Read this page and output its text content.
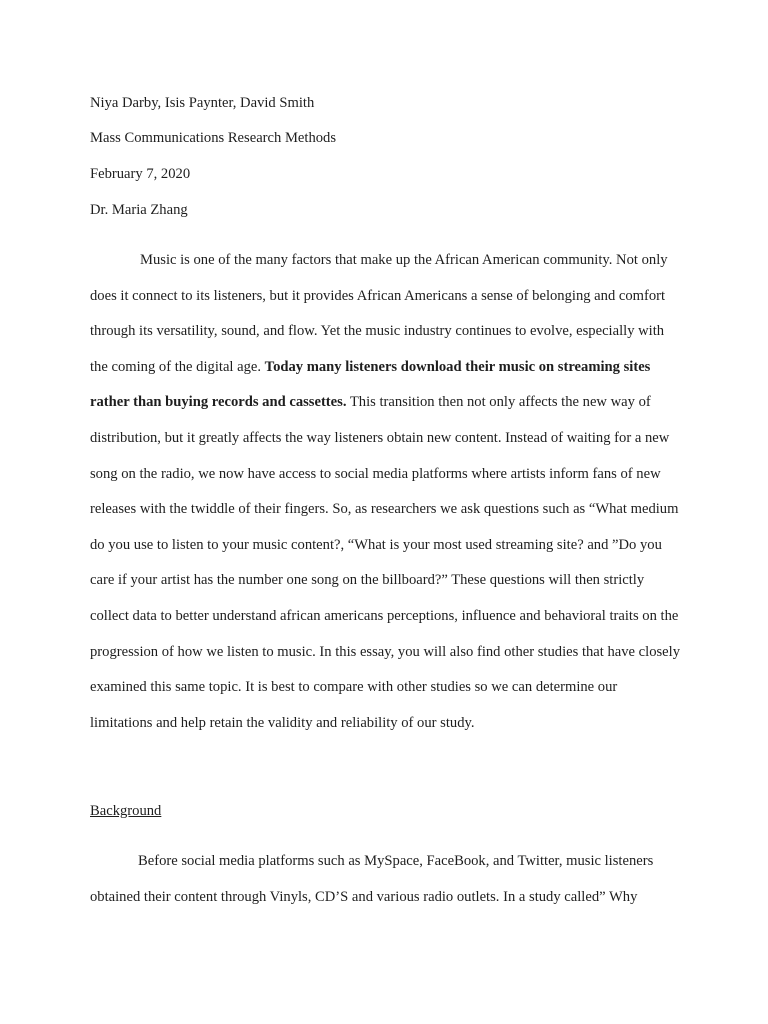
Niya Darby, Isis Paynter, David Smith

Mass Communications Research Methods

February 7, 2020

Dr. Maria Zhang

Music is one of the many factors that make up the African American community. Not only does it connect to its listeners, but it provides African Americans a sense of belonging and comfort through its versatility, sound, and flow. Yet the music industry continues to evolve, especially with the coming of the digital age. Today many listeners download their music on streaming sites rather than buying records and cassettes. This transition then not only affects the new way of distribution, but it greatly affects the way listeners obtain new content. Instead of waiting for a new song on the radio, we now have access to social media platforms where artists inform fans of new releases with the twiddle of their fingers. So, as researchers we ask questions such as “What medium do you use to listen to your music content?, “What is your most used streaming site? and ”Do you care if your artist has the number one song on the billboard?” These questions will then strictly collect data to better understand african americans perceptions, influence and behavioral traits on the progression of how we listen to music. In this essay, you will also find other studies that have closely examined this same topic. It is best to compare with other studies so we can determine our limitations and help retain the validity and reliability of our study.

Background

Before social media platforms such as MySpace, FaceBook, and Twitter, music listeners obtained their content through Vinyls, CD’S and various radio outlets. In a study called” Why
